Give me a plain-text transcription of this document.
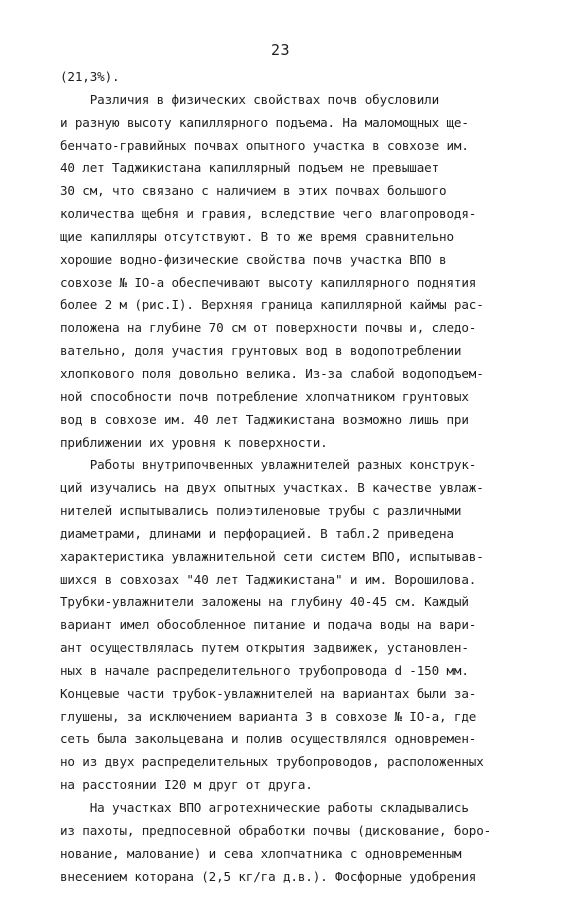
23
(21,3%).
Различия в физических свойствах почв обусловили
и разную высоту капиллярного подъема. На маломощных ще-
бенчато-гравийных почвах опытного участка в совхозе им.
40 лет Таджикистана капиллярный подъем не превышает
30 см, что связано с наличием в этих почвах большого
количества щебня и гравия, вследствие чего влагопроводя-
щие капилляры отсутствуют. В то же время сравнительно
хорошие водно-физические свойства почв участка ВПО в
совхозе № IO-а обеспечивают высоту капиллярного поднятия
более 2 м (рис.I). Верхняя граница капиллярной каймы рас-
положена на глубине 70 см от поверхности почвы и, следо-
вательно, доля участия грунтовых вод в водопотреблении
хлопкового поля довольно велика. Из-за слабой водоподъем-
ной способности почв потребление хлопчатником грунтовых
вод в совхозе им. 40 лет Таджикистана возможно лишь при
приближении их уровня к поверхности.
Работы внутрипочвенных увлажнителей разных конструк-
ций изучались на двух опытных участках. В качестве увлаж-
нителей испытывались полиэтиленовые трубы с различными
диаметрами, длинами и перфорацией. В табл.2 приведена
характеристика увлажнительной сети систем ВПО, испытывав-
шихся в совхозах "40 лет Таджикистана" и им. Ворошилова.
Трубки-увлажнители заложены на глубину 40-45 см. Каждый
вариант имел обособленное питание и подача воды на вари-
ант осуществлялась путем открытия задвижек, установлен-
ных в начале распределительного трубопровода d -150 мм.
Концевые части трубок-увлажнителей на вариантах были за-
глушены, за исключением варианта 3 в совхозе № IO-а, где
сеть была закольцевана и полив осуществлялся одновремен-
но из двух распределительных трубопроводов, расположенных
на расстоянии I20 м друг от друга.
На участках ВПО агротехнические работы складывались
из пахоты, предпосевной обработки почвы (дискование, боро-
нование, малование) и сева хлопчатника с одновременным
внесением которана (2,5 кг/га д.в.). Фосфорные удобрения
